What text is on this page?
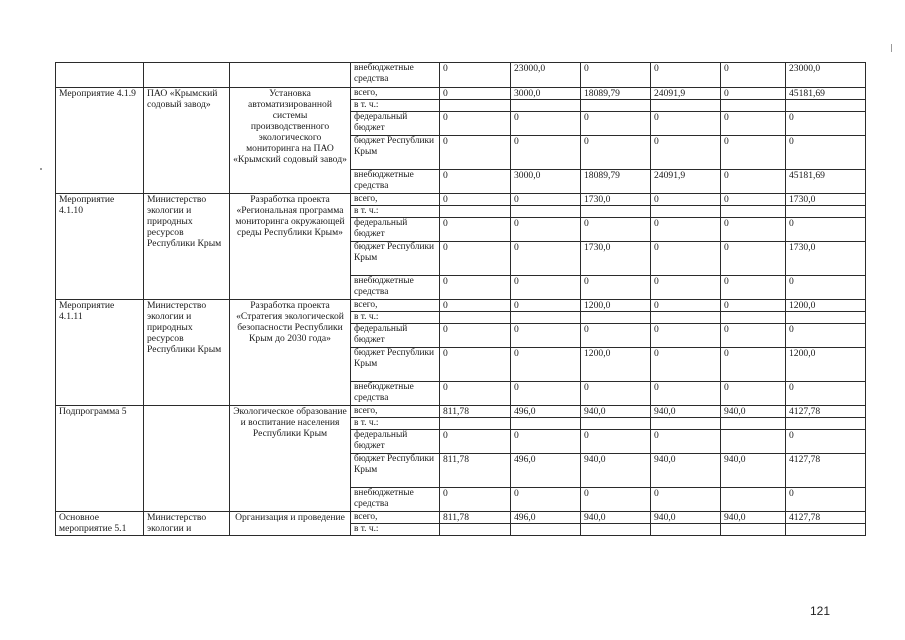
			внебюджетные средства	0	23000,0	0	0	0	23000,0
Мероприятие 4.1.9	ПАО «Крымский содовый завод»	Установка автоматизированной системы производственного экологического мониторинга на ПАО «Крымский содовый завод»	всего,	0	3000,0	18089,79	24091,9	0	45181,69
			в т. ч.:						
			федеральный бюджет	0	0	0	0	0	0
			бюджет Республики Крым	0	0	0	0	0	0
			внебюджетные средства	0	3000,0	18089,79	24091,9	0	45181,69
Мероприятие 4.1.10	Министерство экологии и природных ресурсов Республики Крым	Разработка проекта «Региональная программа мониторинга окружающей среды Республики Крым»	всего,	0	0	1730,0	0	0	1730,0
			в т. ч.:						
			федеральный бюджет	0	0	0	0	0	0
			бюджет Республики Крым	0	0	1730,0	0	0	1730,0
			внебюджетные средства	0	0	0	0	0	0
Мероприятие 4.1.11	Министерство экологии и природных ресурсов Республики Крым	Разработка проекта «Стратегия экологической безопасности Республики Крым до 2030 года»	всего,	0	0	1200,0	0	0	1200,0
			в т. ч.:						
			федеральный бюджет	0	0	0	0	0	0
			бюджет Республики Крым	0	0	1200,0	0	0	1200,0
			внебюджетные средства	0	0	0	0	0	0
Подпрограмма 5		Экологическое образование и воспитание населения Республики Крым	всего,	811,78	496,0	940,0	940,0	940,0	4127,78
			в т. ч.:						
			федеральный бюджет	0	0	0	0		0
			бюджет Республики Крым	811,78	496,0	940,0	940,0	940,0	4127,78
			внебюджетные средства	0	0	0	0		0
Основное мероприятие 5.1	Министерство экологии и	Организация и проведение	всего,	811,78	496,0	940,0	940,0	940,0	4127,78
			в т. ч.:						
121
